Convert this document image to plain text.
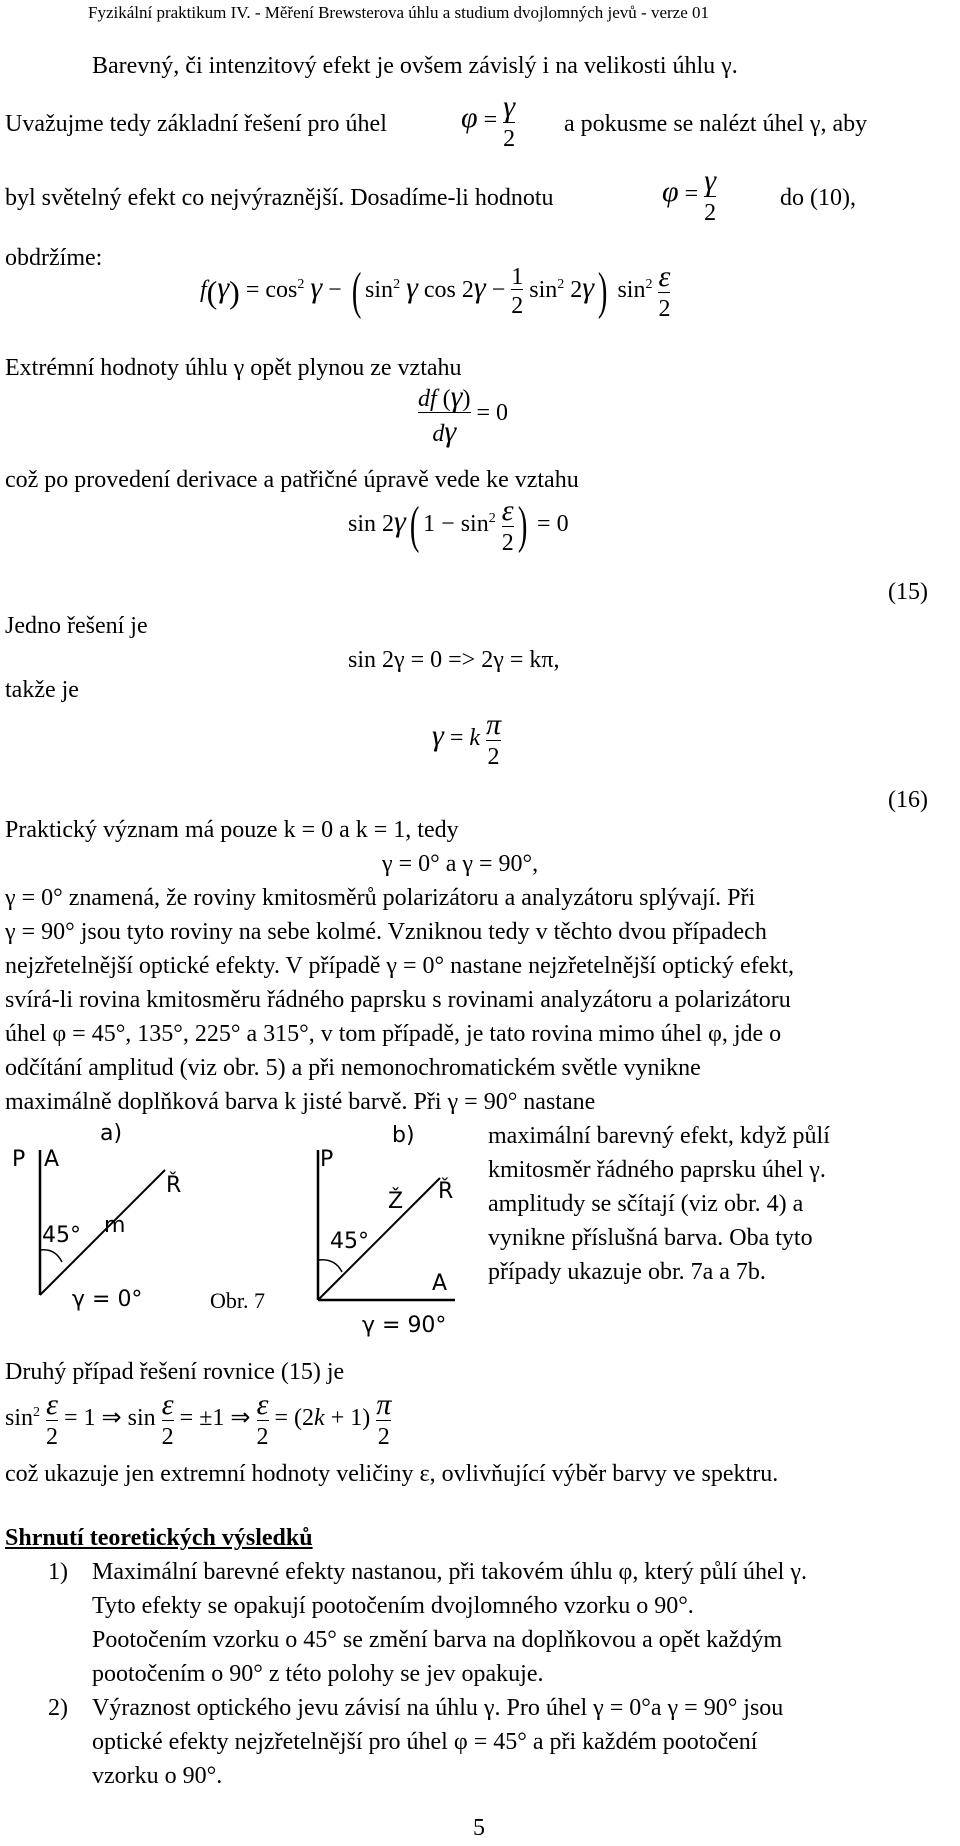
Fyzikální praktikum IV. - Měření Brewsterova úhlu a studium dvojlomných jevů - verze 01
Barevný, či intenzitový efekt je ovšem závislý i na velikosti úhlu γ.
Uvažujme tedy základní řešení pro úhel $\varphi = \frac{\gamma}{2}$ a pokusme se nalézt úhel γ, aby
byl světelný efekt co nejvýraznější. Dosadíme-li hodnotu	$\varphi = \frac{\gamma}{2}$	do (10),
obdržíme:
$f(\gamma) = \cos^2 \gamma$ − ( $\sin^2 \gamma$ $\cos 2\gamma - \frac{1}{2} \sin^2 2\gamma$) $\sin^2 \frac{\varepsilon}{2}$
Extrémní hodnoty úhlu γ opět plynou ze vztahu
$\frac{df (\gamma)}{d\gamma} = 0$
což po provedení derivace a patřičné úpravě vede ke vztahu
sin 2γ( $1 - \sin^2 \frac{\varepsilon}{2}$ ) = 0
(15)
Jedno řešení je
sin 2γ = 0 => 2γ = kπ,
takže je
γ = k $\frac{\pi}{2}$
(16)
Praktický význam má pouze k = 0 a k = 1, tedy
γ = 0° a γ = 90°,
γ = 0° znamená, že roviny kmitosměrů polarizátoru a analyzátoru splývají. Při
γ = 90° jsou tyto roviny na sebe kolmé. Vzniknou tedy v těchto dvou případech
nejzřetelnější optické efekty. V případě γ = 0° nastane nejzřetelnější optický efekt,
svírá-li rovina kmitosměru řádného paprsku s rovinami analyzátoru a polarizátoru
úhel φ = 45°, 135°, 225° a 315°, v tom případě, je tato rovina mimo úhel φ, jde o
odčítání amplitud (viz obr. 5) a při nemonochromatickém světle vynikne
maximálně doplňková barva k jisté barvě. Při γ = 90° nastane
maximální barevný efekt, když půlí
kmitosměr řádného paprsku úhel γ.
amplitudy se sčítají (viz obr. 4) a
vynikne příslušná barva. Oba tyto
případy ukazuje obr. 7a a 7b.
a)
P A
Ř
m
45°
γ = 0°	Obr. 7
b)
P
Ž Ř
45°
A
γ = 90°
Druhý případ řešení rovnice (15) je
$\sin^2 \frac{\varepsilon}{2} = 1$ ⇒ $\sin \frac{\varepsilon}{2} = \pm 1$ ⇒ $\frac{\varepsilon}{2} = (2k + 1) \frac{\pi}{2}$
což ukazuje jen extremní hodnoty veličiny ε, ovlivňující výběr barvy ve spektru.
Shrnutí teoretických výsledků
1) Maximální barevné efekty nastanou, při takovém úhlu φ, který půlí úhel γ.
Tyto efekty se opakují pootočením dvojlomného vzorku o 90°.
Pootočením vzorku o 45° se změní barva na doplňkovou a opět každým
pootočením o 90° z této polohy se jev opakuje.
2) Výraznost optického jevu závisí na úhlu γ. Pro úhel γ = 0°a γ = 90° jsou
optické efekty nejzřetelnější pro úhel φ = 45° a při každém pootočení
vzorku o 90°.
5
